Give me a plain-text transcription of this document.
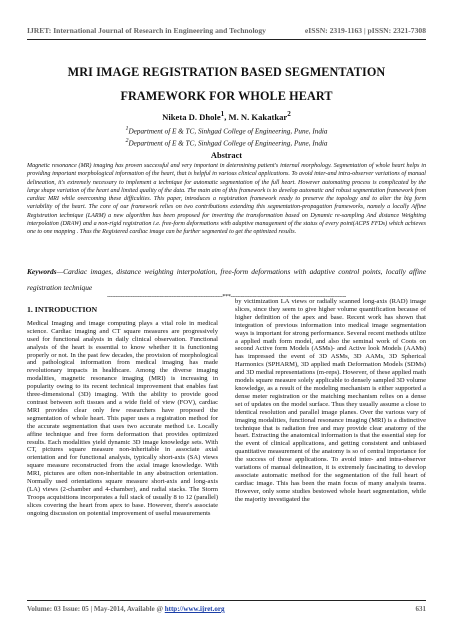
IJRET: International Journal of Research in Engineering and Technology	eISSN: 2319-1163 | pISSN: 2321-7308
MRI IMAGE REGISTRATION BASED SEGMENTATION
FRAMEWORK FOR WHOLE HEART
Niketa D. Dhole$^1$, M. N. Kakatkar$^2$
$^1$Department of E & TC, Sinhgad College of Engineering, Pune, India
$^2$Department of E & TC, Sinhgad College of Engineering, Pune, India
Abstract
Magnetic resonance (MR) imaging has proven successful and very important in determining patient's internal morphology. Segmentation of whole heart helps in providing important morphological information of the heart, that is helpful in various clinical applications. To avoid inter-and intra-observer variations of manual delineation, it's extremely necessary to implement a technique for automatic segmentation of the full heart. However automating process is complicated by the large shape variation of the heart and limited quality of the data. The main aim of this framework is to develop automatic and robust segmentation framework from cardiac MRI while overcoming these difficulties. This paper, introduces a registration framework ready to preserve the topology and to alter the big form variability of the heart. The core of our framework relies on two contributions extending this segmentation-propagation frameworks, namely a locally Affine Registration technique (LARM) a new algorithm has been proposed for inverting the transformation based on Dynamic re-sampling And distance Weighting interpolation (DRAW) and a non-rigid registration i.e. free-form deformations with adaptive management of the status of every point(ACPS FFDs) which achieves one to one mapping . Thus the Registered cardiac image can be further segmented to get the optimized results.
Keywords—Cardiac images, distance weighting interpolation, free-form deformations with adaptive control points, locally affine registration technique
--------------------------------------------------------------------***--------------------------------------------------------------------
1. INTRODUCTION

Medical Imaging and image computing plays a vital role in medical science. Cardiac imaging and CT square measures are progressively used for functional analysis in daily clinical observation. Functional analysis of the heart is essential to know whether it is functioning properly or not. In the past few decades, the provision of morphological and pathological information from medical imaging has made revolutionary impacts in healthcare. Among the diverse imaging modalities, magnetic resonance imaging (MRI) is increasing in popularity owing to its recent technical improvement that enables fast three-dimensional (3D) imaging. With the ability to provide good contrast between soft tissues and a wide field of view (FOV), cardiac MRI provides clear only few researchers have proposed the segmentation of whole heart. This paper uses a registration method for the accurate segmentation that uses two accurate method i.e. Locally affine technique and free form deformation that provides optimized results. Each modalities yield dynamic 3D image knowledge sets. With CT, pictures square measure non-inheritable in associate axial orientation and for functional analysis, typically short-axis (SA) views square measure reconstructed from the axial image knowledge. With MRI, pictures are often non-inheritable in any abstraction orientation. Normally used orientations square measure short-axis and long-axis (LA) views (2-chamber and 4-chamber), and radial stacks. The Storm Troops acquisitions incorporates a full stack of usually 8 to 12 (parallel) slices covering the heart from apex to base. However, there's associate ongoing discussion on potential improvement of useful measurements

by victimization LA views or radially scanned long-axis (RAD) image slices, since they seem to give higher volume quantification because of higher definition of the apex and base. Recent work has shown that integration of previous information into medical image segmentation ways is important for strong performance. Several recent methods utilize a applied math form model, and also the seminal work of Coots on second Active form Models (ASMs)- and Active look Models (AAMs) has impressed the event of 3D ASMs, 3D AAMs, 3D Spherical Harmonics (SPHARM), 3D applied math Deformation Models (SDMs) and 3D medial representations (m-reps). However, of these applied math models square measure solely applicable to densely sampled 3D volume knowledge, as a result of the modeling mechanism is either supported a dense meter registration or the matching mechanism relies on a dense set of updates on the model surface. Thus they usually assume a close to identical resolution and parallel image planes. Over the various vary of imaging modalities, functional resonance imaging (MRI) is a distinctive technique that is radiation free and may provide clear anatomy of the heart. Extracting the anatomical information is that the essential step for the event of clinical applications, and getting consistent and unbiased quantitative measurement of the anatomy is so of central importance for the success of those applications. To avoid inter- and intra-observer variations of manual delineation, it is extremely fascinating to develop associate automatic method for the segmentation of the full heart of cardiac image. This has been the main focus of many analysis teams. However, only some studies bestowed whole heart segmentation, while the majority investigated the

Volume: 03 Issue: 05 | May-2014, Available @ http://www.ijret.org	631
